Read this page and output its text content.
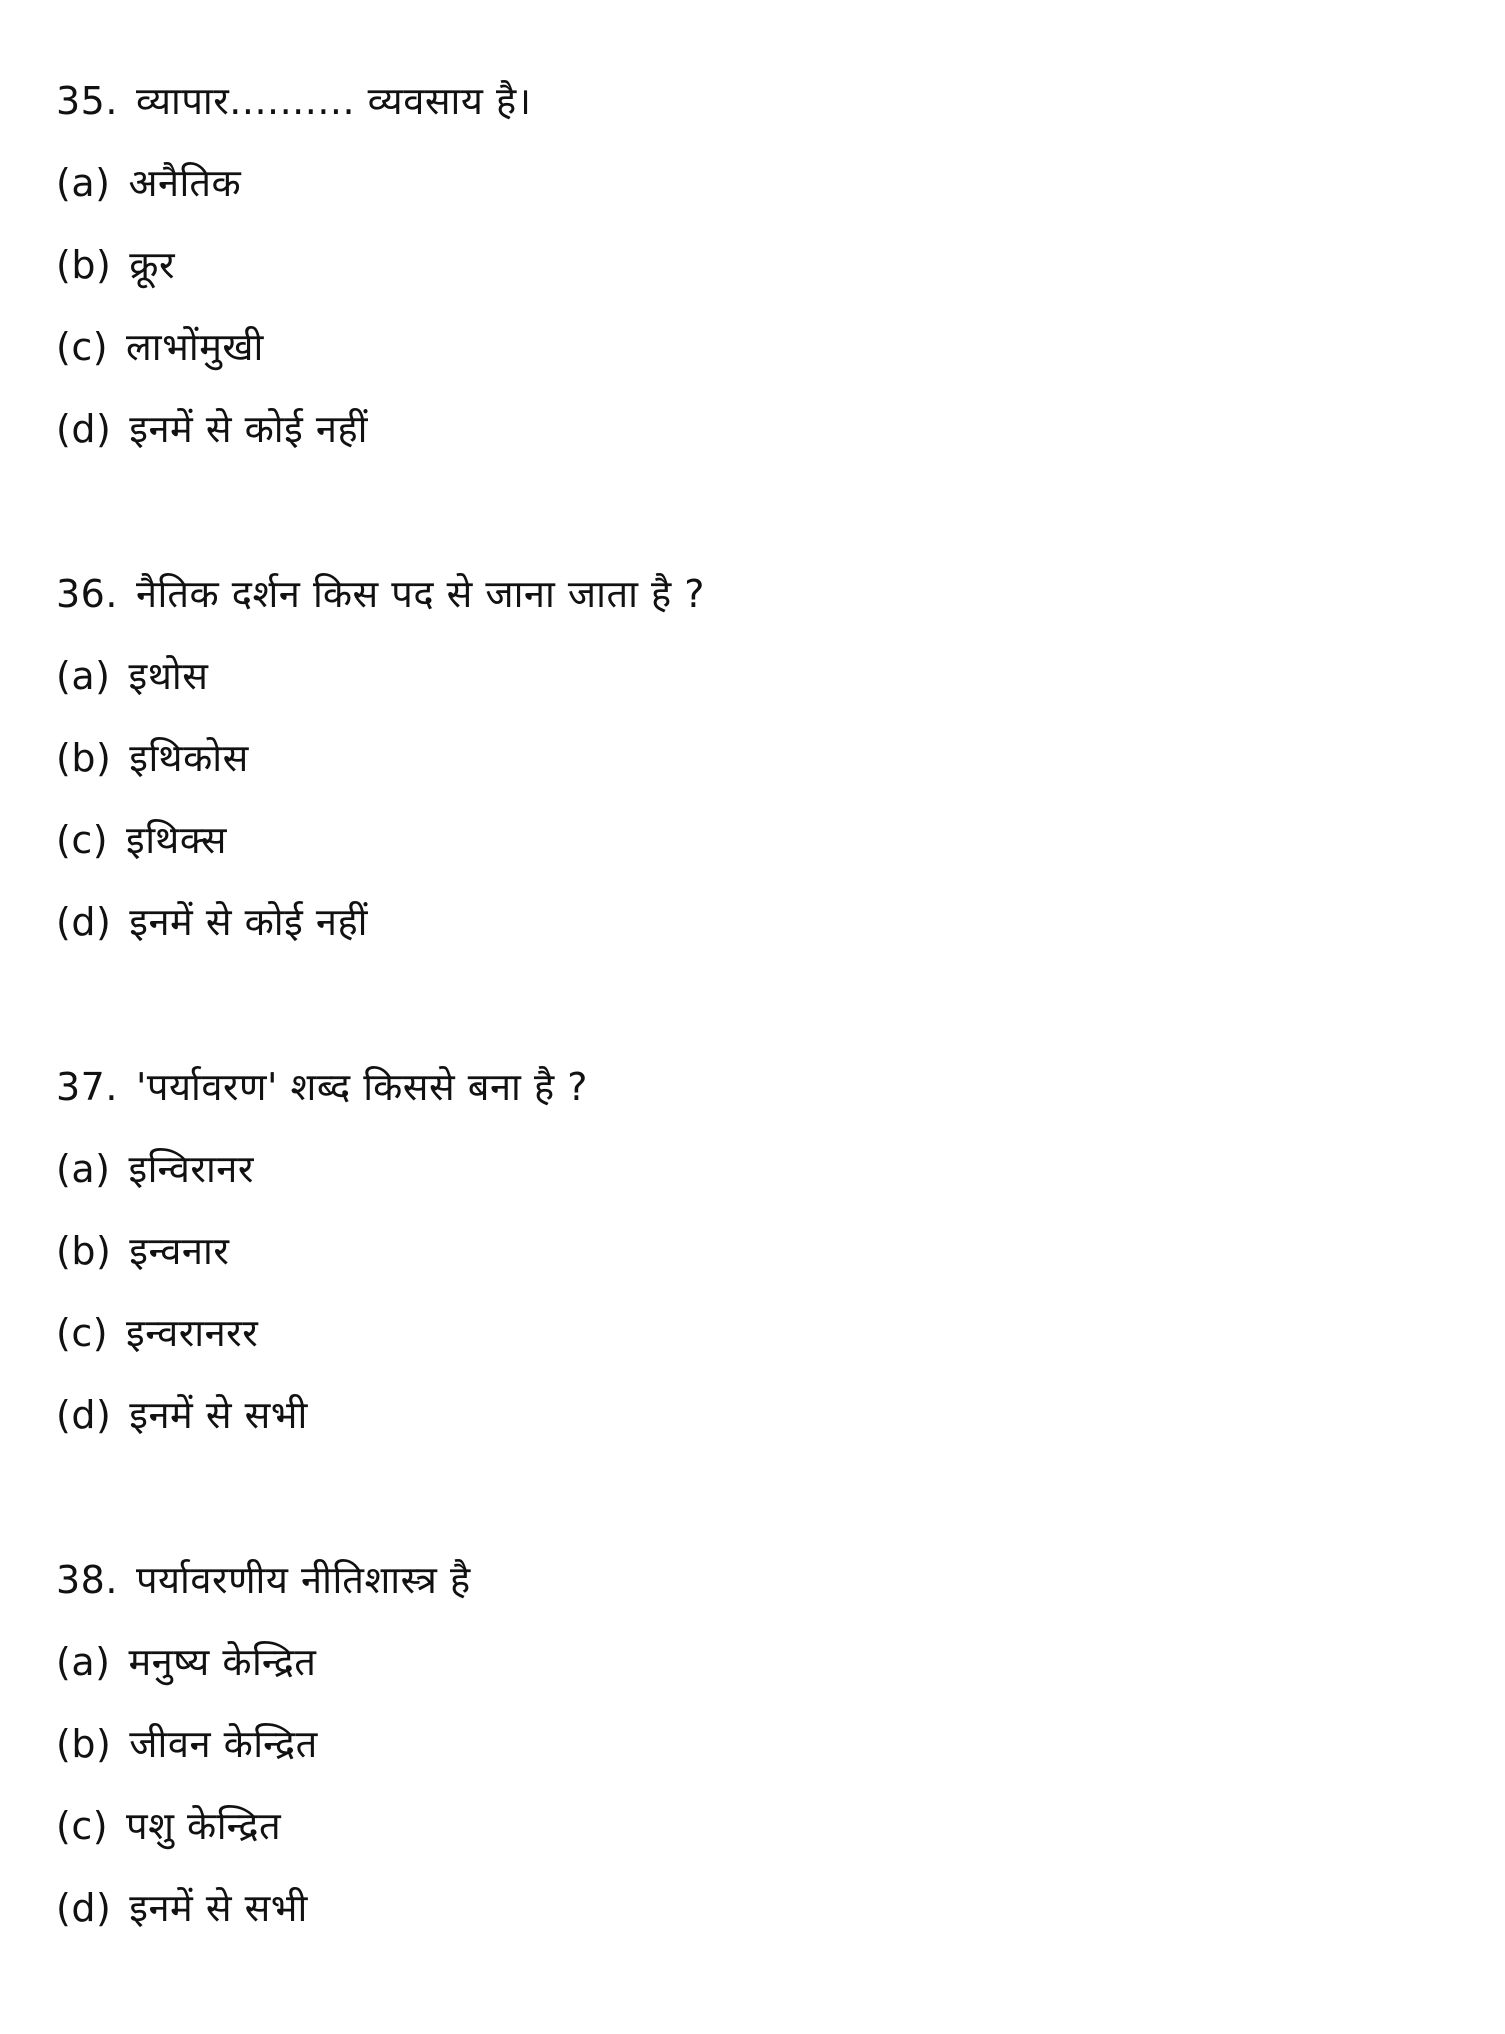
35. व्यापार.......... व्यवसाय है।
(a) अनैतिक
(b) क्रूर
(c) लाभोंमुखी
(d) इनमें से कोई नहीं
36. नैतिक दर्शन किस पद से जाना जाता है ?
(a) इथोस
(b) इथिकोस
(c) इथिक्स
(d) इनमें से कोई नहीं
37. 'पर्यावरण' शब्द किससे बना है ?
(a) इन्विरानर
(b) इन्वनार
(c) इन्वरानरर
(d) इनमें से सभी
38. पर्यावरणीय नीतिशास्त्र है
(a) मनुष्य केन्द्रित
(b) जीवन केन्द्रित
(c) पशु केन्द्रित
(d) इनमें से सभी
